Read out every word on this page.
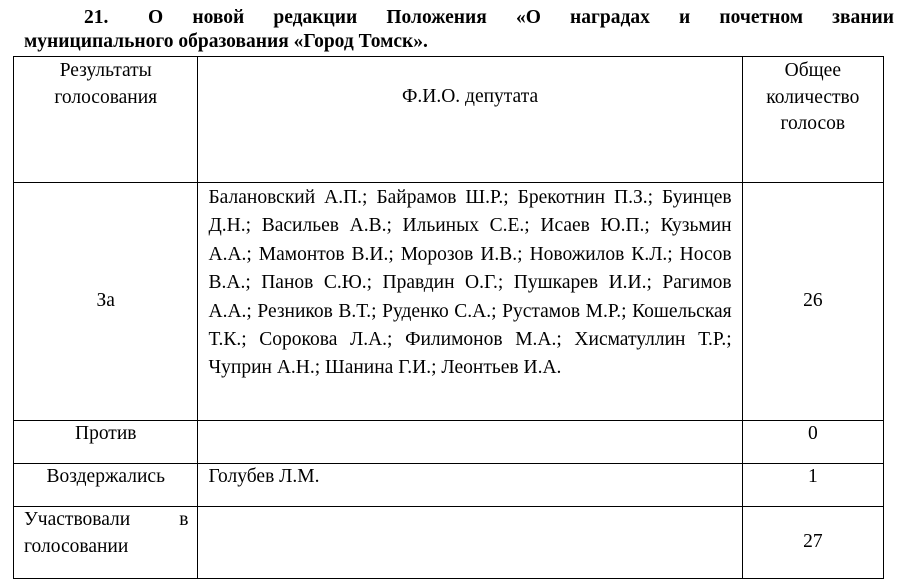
21.	О новой редакции Положения «О наградах и почетном звании
муниципального образования «Город Томск».
Результаты голосования	Ф.И.О. депутата	Общее количество голосов
За	Балановский А.П.; Байрамов Ш.Р.; Брекотнин П.З.; Буинцев Д.Н.; Васильев А.В.; Ильиных С.Е.; Исаев Ю.П.; Кузьмин А.А.; Мамонтов В.И.; Морозов И.В.; Новожилов К.Л.; Носов В.А.; Панов С.Ю.; Правдин О.Г.; Пушкарев И.И.; Рагимов А.А.; Резников В.Т.; Руденко С.А.; Рустамов М.Р.; Кошельская Т.К.; Сорокова Л.А.; Филимонов М.А.; Хисматуллин Т.Р.; Чуприн А.Н.; Шанина Г.И.; Леонтьев И.А.	26
Против		0
Воздержались	Голубев Л.М.	1
Участвовали в голосовании		27
